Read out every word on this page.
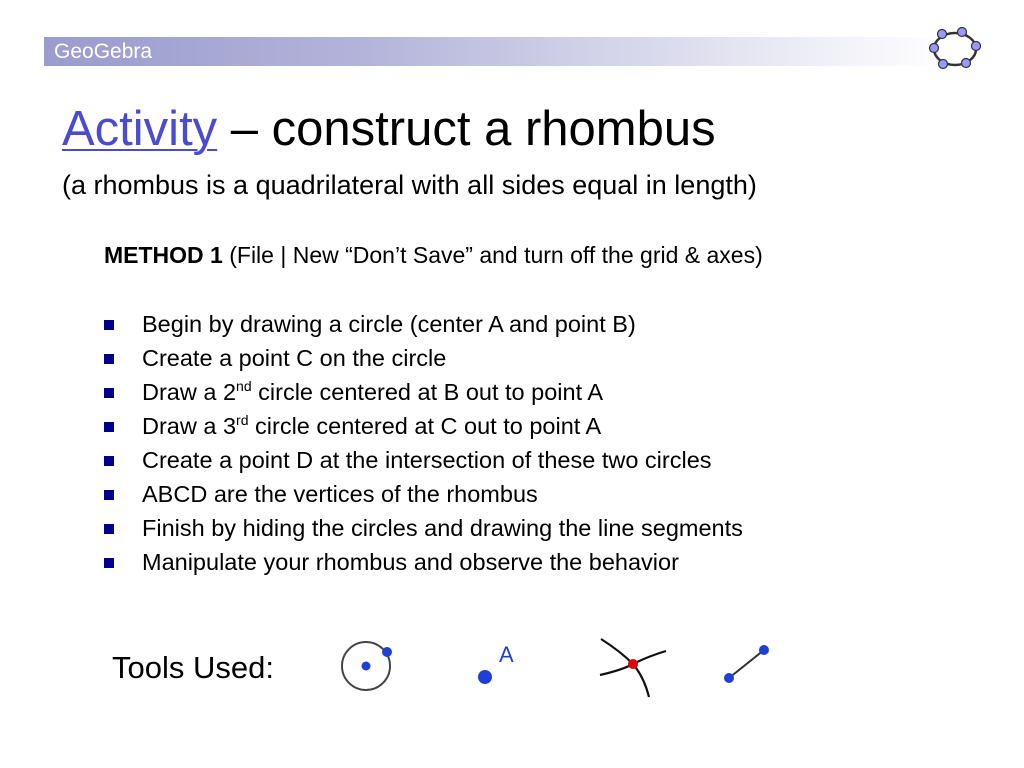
GeoGebra
Activity – construct a rhombus
(a rhombus is a quadrilateral with all sides equal in length)
METHOD 1 (File | New “Don’t Save” and turn off the grid & axes)
Begin by drawing a circle (center A and point B)
Create a point C on the circle
Draw a 2nd circle centered at B out to point A
Draw a 3rd circle centered at C out to point A
Create a point D at the intersection of these two circles
ABCD are the vertices of the rhombus
Finish by hiding the circles and drawing the line segments
Manipulate your rhombus and observe the behavior
Tools Used:	A
